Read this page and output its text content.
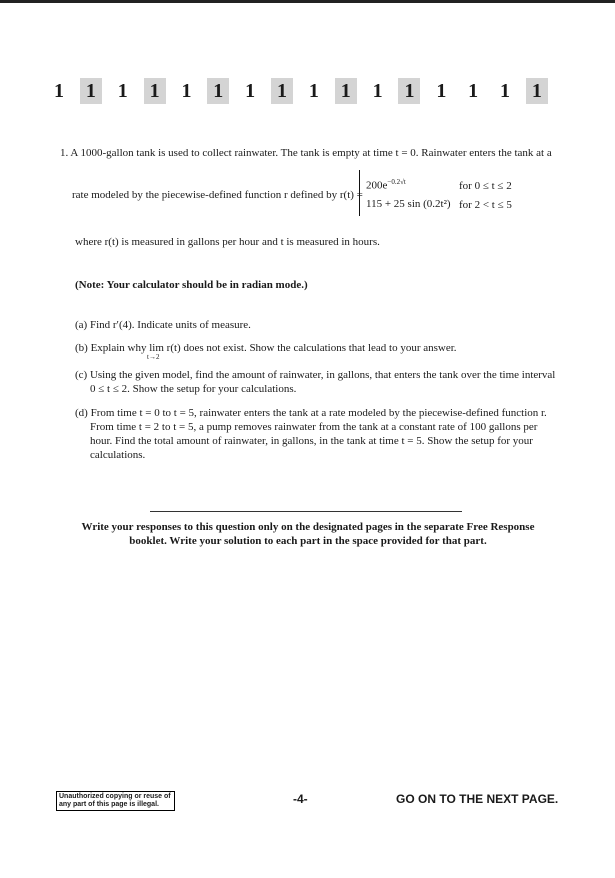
1	1	1	1	1	1	1	1	1	1	1	1	1	1	1	1
1. A 1000-gallon tank is used to collect rainwater. The tank is empty at time t = 0. Rainwater enters the tank at a
rate modeled by the piecewise-defined function r defined by r(t) =
$200e^{-0.2√t}$	for 0 ≤ t ≤ 2
115 + 25 sin (0.2t²) for 2 < t ≤ 5
where r(t) is measured in gallons per hour and t is measured in hours.
(Note: Your calculator should be in radian mode.)
(a) Find r′(4). Indicate units of measure.
(b) Explain why lim r(t) does not exist. Show the calculations that lead to your answer.
t→2
(c) Using the given model, find the amount of rainwater, in gallons, that enters the tank over the time interval
0 ≤ t ≤ 2. Show the setup for your calculations.
(d) From time t = 0 to t = 5, rainwater enters the tank at a rate modeled by the piecewise-defined function r.
From time t = 2 to t = 5, a pump removes rainwater from the tank at a constant rate of 100 gallons per
hour. Find the total amount of rainwater, in gallons, in the tank at time t = 5. Show the setup for your
calculations.
Write your responses to this question only on the designated pages in the separate Free Response
booklet. Write your solution to each part in the space provided for that part.
Unauthorized copying or reuse of any part of this page is illegal.	-4-	GO ON TO THE NEXT PAGE.
